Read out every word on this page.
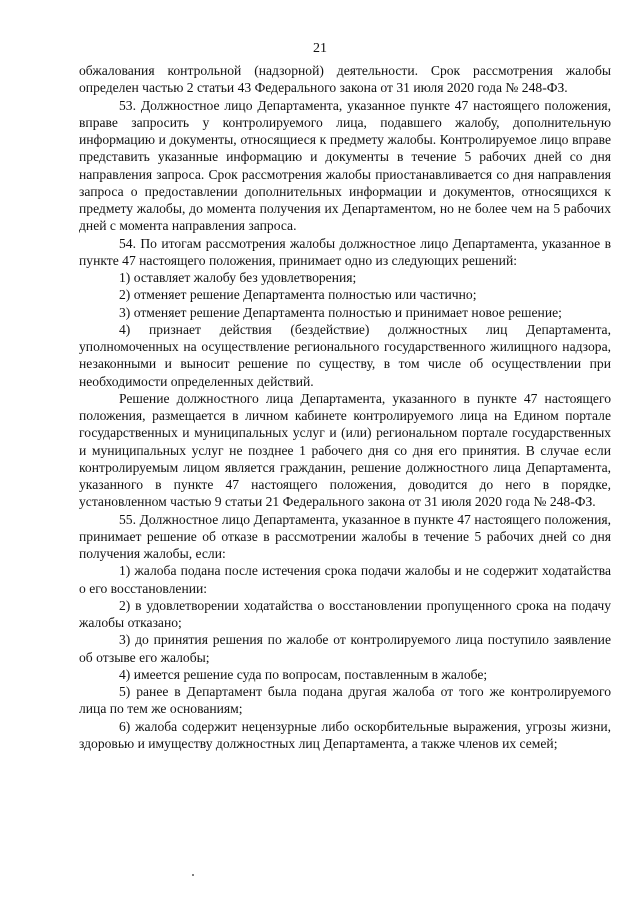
21

обжалования контрольной (надзорной) деятельности. Срок рассмотрения жалобы определен частью 2 статьи 43 Федерального закона от 31 июля 2020 года № 248-ФЗ.

53. Должностное лицо Департамента, указанное пункте 47 настоящего положения, вправе запросить у контролируемого лица, подавшего жалобу, дополнительную информацию и документы, относящиеся к предмету жалобы. Контролируемое лицо вправе представить указанные информацию и документы в течение 5 рабочих дней со дня направления запроса. Срок рассмотрения жалобы приостанавливается со дня направления запроса о предоставлении дополнительных информации и документов, относящихся к предмету жалобы, до момента получения их Департаментом, но не более чем на 5 рабочих дней с момента направления запроса.

54. По итогам рассмотрения жалобы должностное лицо Департамента, указанное в пункте 47 настоящего положения, принимает одно из следующих решений:

1) оставляет жалобу без удовлетворения;

2) отменяет решение Департамента полностью или частично;

3) отменяет решение Департамента полностью и принимает новое решение;

4) признает действия (бездействие) должностных лиц Департамента, уполномоченных на осуществление регионального государственного жилищного надзора, незаконными и выносит решение по существу, в том числе об осуществлении при необходимости определенных действий.

Решение должностного лица Департамента, указанного в пункте 47 настоящего положения, размещается в личном кабинете контролируемого лица на Едином портале государственных и муниципальных услуг и (или) региональном портале государственных и муниципальных услуг не позднее 1 рабочего дня со дня его принятия. В случае если контролируемым лицом является гражданин, решение должностного лица Департамента, указанного в пункте 47 настоящего положения, доводится до него в порядке, установленном частью 9 статьи 21 Федерального закона от 31 июля 2020 года № 248-ФЗ.

55. Должностное лицо Департамента, указанное в пункте 47 настоящего положения, принимает решение об отказе в рассмотрении жалобы в течение 5 рабочих дней со дня получения жалобы, если:

1) жалоба подана после истечения срока подачи жалобы и не содержит ходатайства о его восстановлении:

2) в удовлетворении ходатайства о восстановлении пропущенного срока на подачу жалобы отказано;

3) до принятия решения по жалобе от контролируемого лица поступило заявление об отзыве его жалобы;

4) имеется решение суда по вопросам, поставленным в жалобе;

5) ранее в Департамент была подана другая жалоба от того же контролируемого лица по тем же основаниям;

6) жалоба содержит нецензурные либо оскорбительные выражения, угрозы жизни, здоровью и имуществу должностных лиц Департамента, а также членов их семей;
